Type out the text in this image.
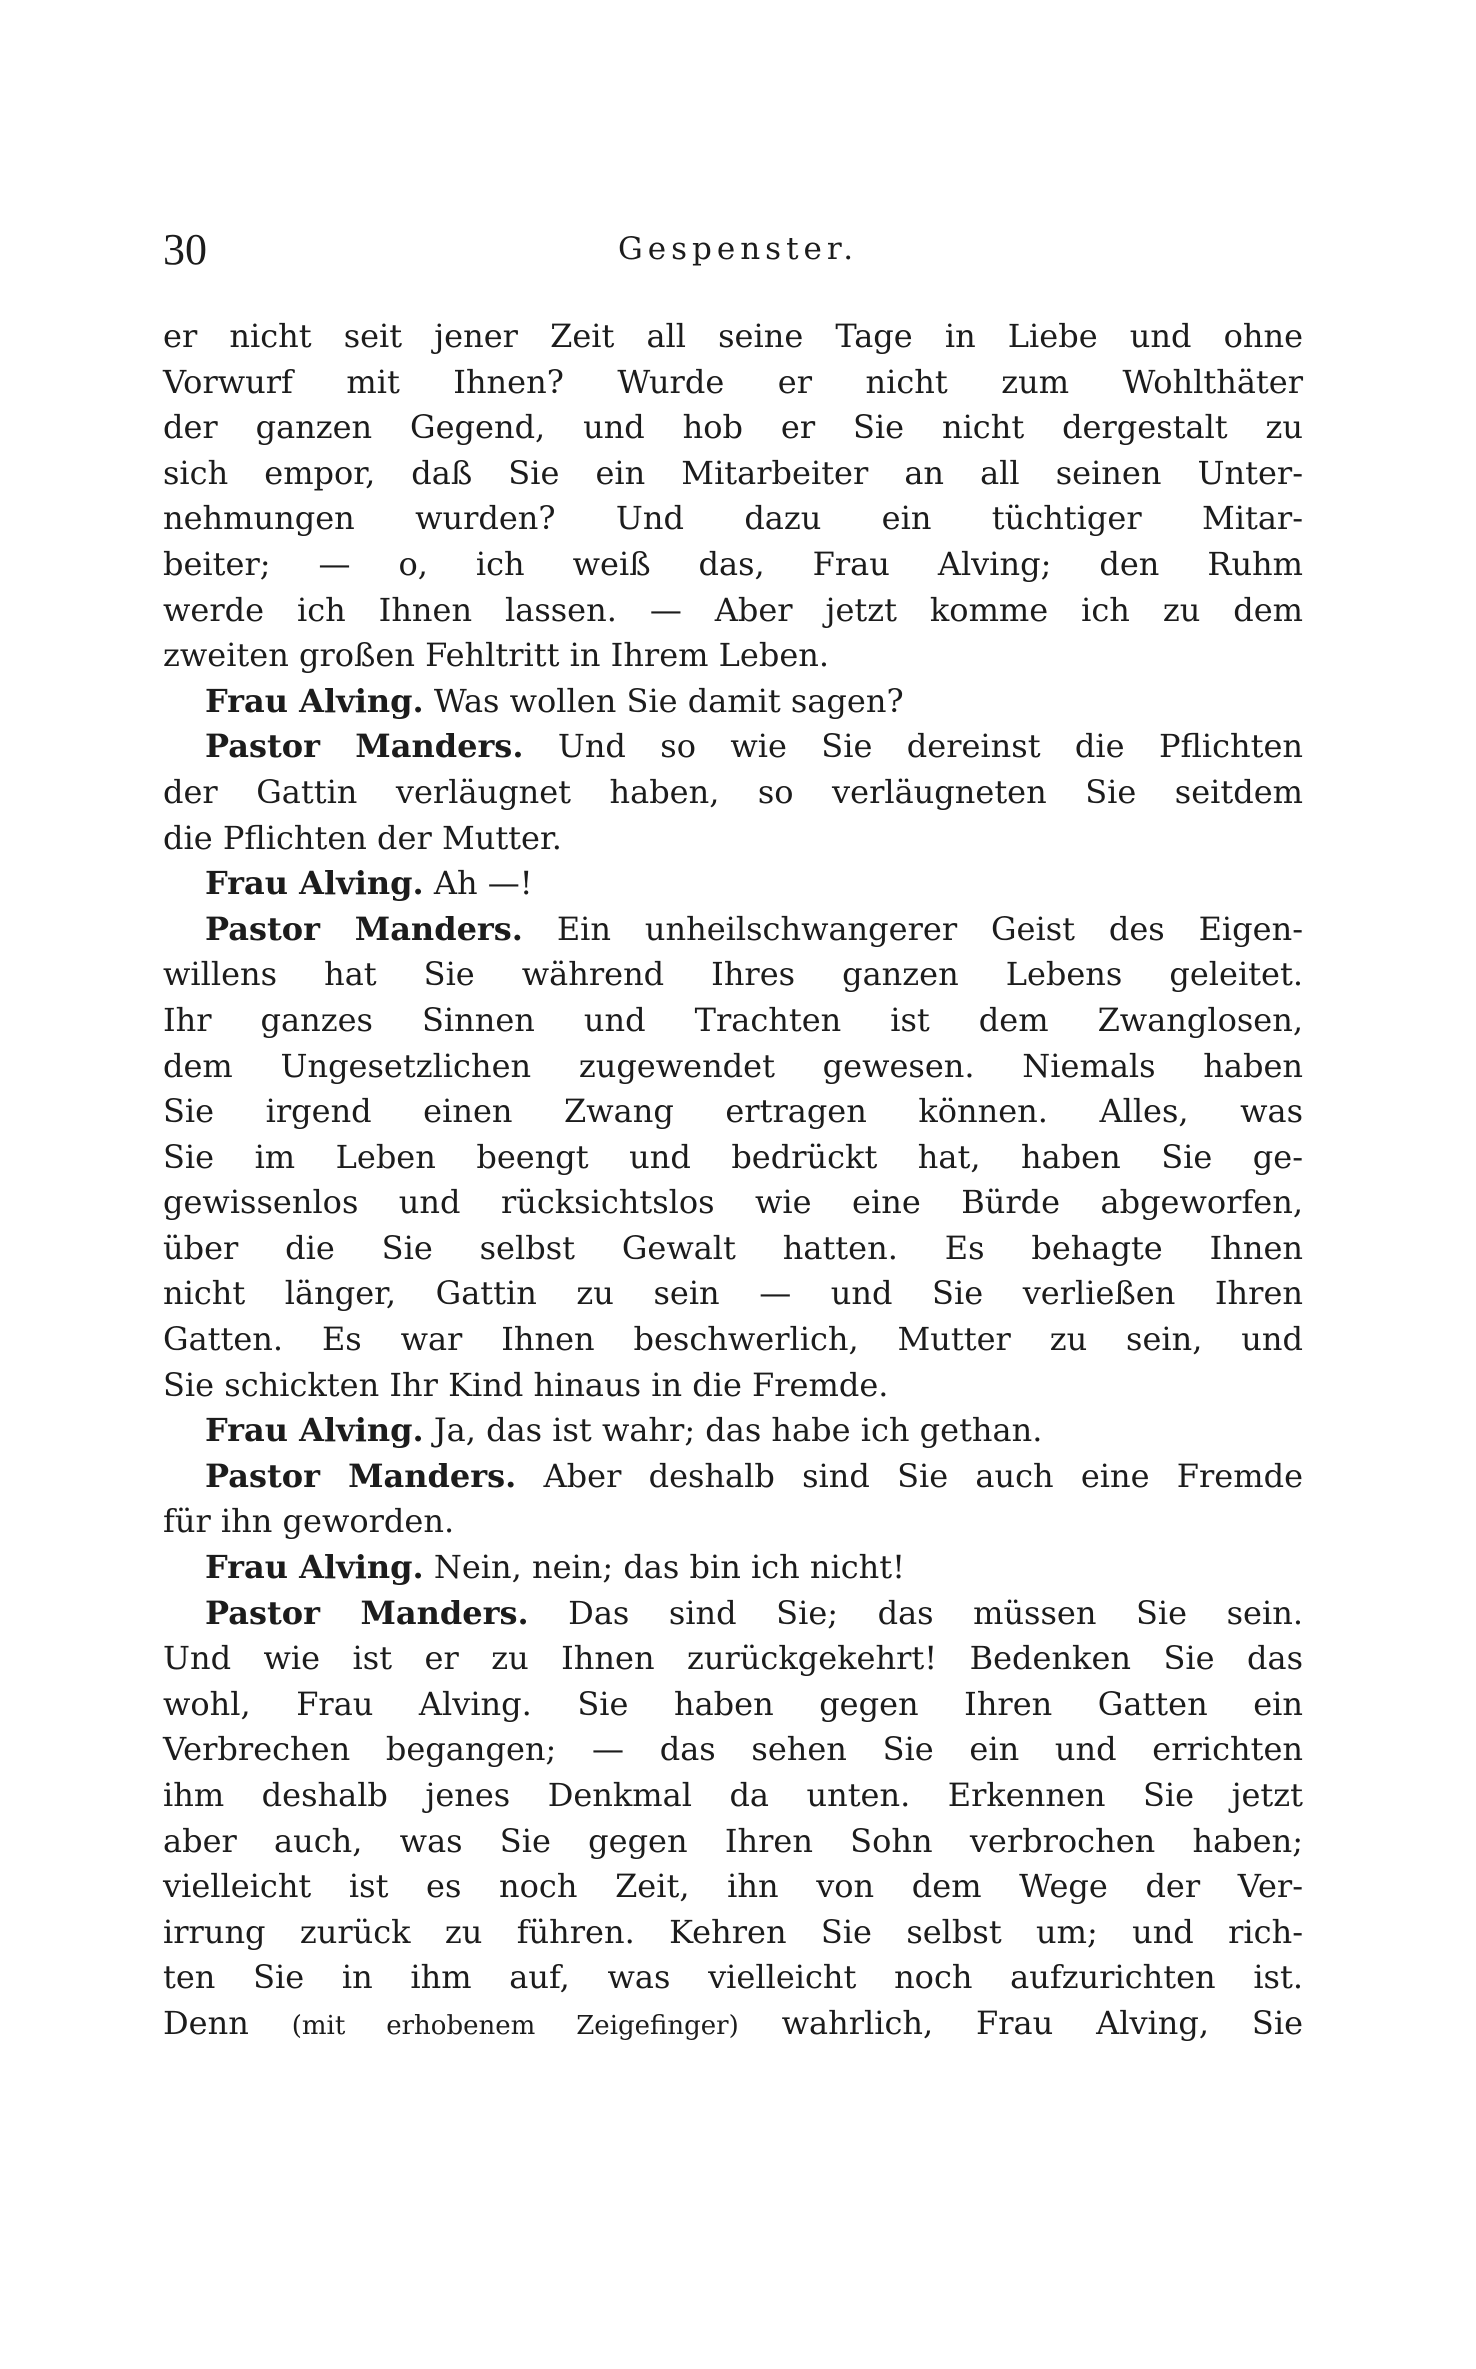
30	Gespenster.
er nicht seit jener Zeit all seine Tage in Liebe und ohne
Vorwurf mit Ihnen? Wurde er nicht zum Wohlthäter
der ganzen Gegend, und hob er Sie nicht dergestalt zu
sich empor, daß Sie ein Mitarbeiter an all seinen Unter-
nehmungen wurden? Und dazu ein tüchtiger Mitar-
beiter; — o, ich weiß das, Frau Alving; den Ruhm
werde ich Ihnen lassen. — Aber jetzt komme ich zu dem
zweiten großen Fehltritt in Ihrem Leben.
Frau Alving. Was wollen Sie damit sagen?
Pastor Manders. Und so wie Sie dereinst die Pflichten
der Gattin verläugnet haben, so verläugneten Sie seitdem
die Pflichten der Mutter.
Frau Alving. Ah —!
Pastor Manders. Ein unheilschwangerer Geist des Eigen-
willens hat Sie während Ihres ganzen Lebens geleitet.
Ihr ganzes Sinnen und Trachten ist dem Zwanglosen,
dem Ungesetzlichen zugewendet gewesen. Niemals haben
Sie irgend einen Zwang ertragen können. Alles, was
Sie im Leben beengt und bedrückt hat, haben Sie ge-
gewissenlos und rücksichtslos wie eine Bürde abgeworfen,
über die Sie selbst Gewalt hatten. Es behagte Ihnen
nicht länger, Gattin zu sein — und Sie verließen Ihren
Gatten. Es war Ihnen beschwerlich, Mutter zu sein, und
Sie schickten Ihr Kind hinaus in die Fremde.
Frau Alving. Ja, das ist wahr; das habe ich gethan.
Pastor Manders. Aber deshalb sind Sie auch eine Fremde
für ihn geworden.
Frau Alving. Nein, nein; das bin ich nicht!
Pastor Manders. Das sind Sie; das müssen Sie sein.
Und wie ist er zu Ihnen zurückgekehrt! Bedenken Sie das
wohl, Frau Alving. Sie haben gegen Ihren Gatten ein
Verbrechen begangen; — das sehen Sie ein und errichten
ihm deshalb jenes Denkmal da unten. Erkennen Sie jetzt
aber auch, was Sie gegen Ihren Sohn verbrochen haben;
vielleicht ist es noch Zeit, ihn von dem Wege der Ver-
irrung zurück zu führen. Kehren Sie selbst um; und rich-
ten Sie in ihm auf, was vielleicht noch aufzurichten ist.
Denn (mit erhobenem Zeigefinger) wahrlich, Frau Alving, Sie
